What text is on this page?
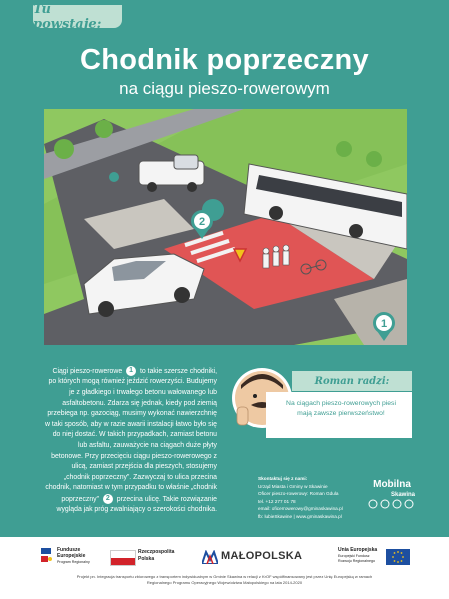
Tu powstaje:
Chodnik poprzeczny
na ciągu pieszo-rowerowym
2
1

Ciągi pieszo-rowerowe 1 to takie szersze chodniki, po których mogą również jeździć rowerzyści. Budujemy je z gładkiego i trwałego betonu wałowanego lub asfaltobetonu. Zdarza się jednak, kiedy pod ziemią przebiega np. gazociąg, musimy wykonać nawierzchnię w taki sposób, aby w razie awarii instalacji łatwo było się do niej dostać. W takich przypadkach, zamiast betonu lub asfaltu, zauważycie na ciągach duże płyty betonowe. Przy przecięciu ciągu pieszo-rowerowego z ulicą, zamiast przejścia dla pieszych, stosujemy „chodnik poprzeczny”. Zazwyczaj to ulica przecina chodnik, natomiast w tym przypadku to właśnie „chodnik poprzeczny” 2 przecina ulicę. Takie rozwiązanie wygląda jak próg zwalniający o szerokości chodnika.

Roman radzi:
Na ciągach pieszo-rowerowych piesi mają zawsze pierwszeństwo!
Skontaktuj się z nami:
Urząd Miasta i Gminy w Skawinie
Oficer pieszo-rowerowy: Roman Gdula
tel. +12 277 01 78
email: oficerrowerowy@gminaskawina.pl
fb: lubieSkawine | www.gminaskawina.pl
Mobilna
Skawina
Fundusze
Europejskie
Program Regionalny
Rzeczpospolita
Polska	MAŁOPOLSKA	Unia Europejska
Europejski Fundusz
Rozwoju Regionalnego
Projekt pn. Integracja transportu zbiorowego z transportem indywidualnym w Gminie Skawina w relacji z KrOF współfinansowany jest przez Unię Europejską w ramach
Regionalnego Programu Operacyjnego Województwa Małopolskiego na lata 2014-2020
